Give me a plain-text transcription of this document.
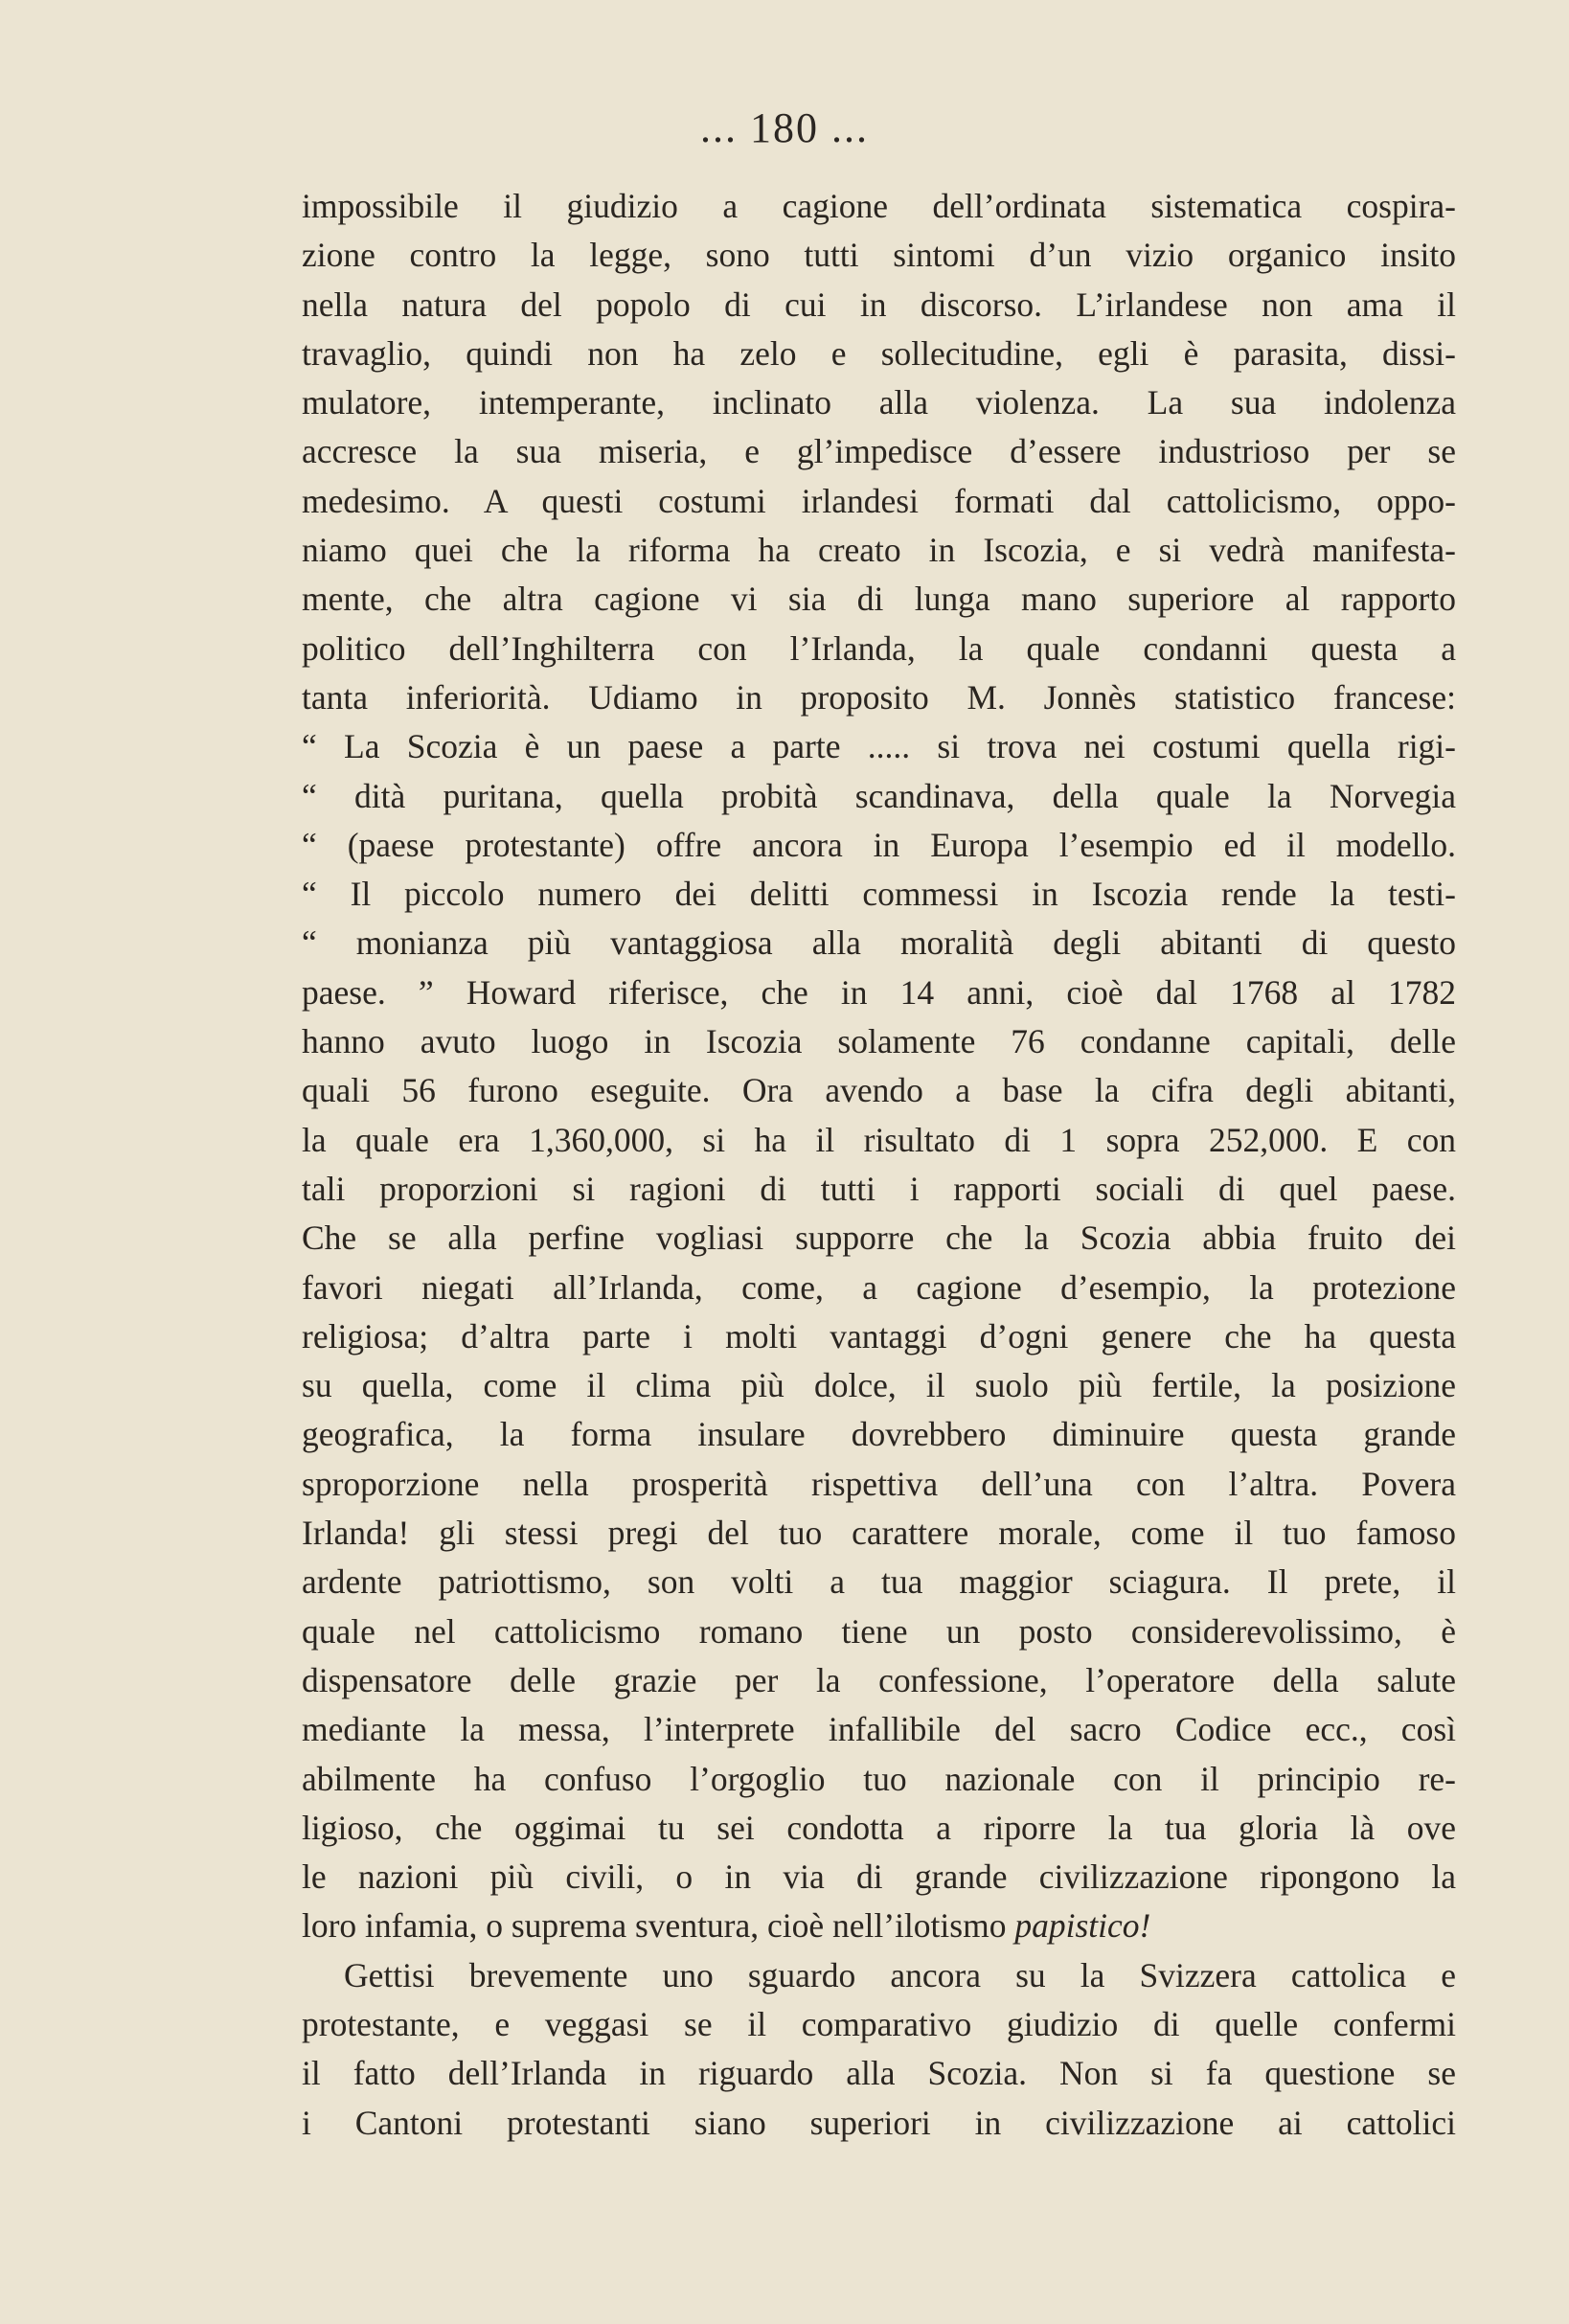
... 180 ...
impossibile il giudizio a cagione dell’ordinata sistematica cospira-
zione contro la legge, sono tutti sintomi d’un vizio organico insito
nella natura del popolo di cui in discorso. L’irlandese non ama il
travaglio, quindi non ha zelo e sollecitudine, egli è parasita, dissi-
mulatore, intemperante, inclinato alla violenza. La sua indolenza
accresce la sua miseria, e gl’impedisce d’essere industrioso per se
medesimo. A questi costumi irlandesi formati dal cattolicismo, oppo-
niamo quei che la riforma ha creato in Iscozia, e si vedrà manifesta-
mente, che altra cagione vi sia di lunga mano superiore al rapporto
politico dell’Inghilterra con l’Irlanda, la quale condanni questa a
tanta inferiorità. Udiamo in proposito M. Jonnès statistico francese:
“ La Scozia è un paese a parte ..... si trova nei costumi quella rigi-
“ dità puritana, quella probità scandinava, della quale la Norvegia
“ (paese protestante) offre ancora in Europa l’esempio ed il modello.
“ Il piccolo numero dei delitti commessi in Iscozia rende la testi-
“ monianza più vantaggiosa alla moralità degli abitanti di questo
paese. ” Howard riferisce, che in 14 anni, cioè dal 1768 al 1782
hanno avuto luogo in Iscozia solamente 76 condanne capitali, delle
quali 56 furono eseguite. Ora avendo a base la cifra degli abitanti,
la quale era 1,360,000, si ha il risultato di 1 sopra 252,000. E con
tali proporzioni si ragioni di tutti i rapporti sociali di quel paese.
Che se alla perfine vogliasi supporre che la Scozia abbia fruito dei
favori niegati all’Irlanda, come, a cagione d’esempio, la protezione
religiosa; d’altra parte i molti vantaggi d’ogni genere che ha questa
su quella, come il clima più dolce, il suolo più fertile, la posizione
geografica, la forma insulare dovrebbero diminuire questa grande
sproporzione nella prosperità rispettiva dell’una con l’altra. Povera
Irlanda! gli stessi pregi del tuo carattere morale, come il tuo famoso
ardente patriottismo, son volti a tua maggior sciagura. Il prete, il
quale nel cattolicismo romano tiene un posto considerevolissimo, è
dispensatore delle grazie per la confessione, l’operatore della salute
mediante la messa, l’interprete infallibile del sacro Codice ecc., così
abilmente ha confuso l’orgoglio tuo nazionale con il principio re-
ligioso, che oggimai tu sei condotta a riporre la tua gloria là ove
le nazioni più civili, o in via di grande civilizzazione ripongono la
loro infamia, o suprema sventura, cioè nell’ilotismo papistico!
Gettisi brevemente uno sguardo ancora su la Svizzera cattolica e
protestante, e veggasi se il comparativo giudizio di quelle confermi
il fatto dell’Irlanda in riguardo alla Scozia. Non si fa questione se
i Cantoni protestanti siano superiori in civilizzazione ai cattolici
